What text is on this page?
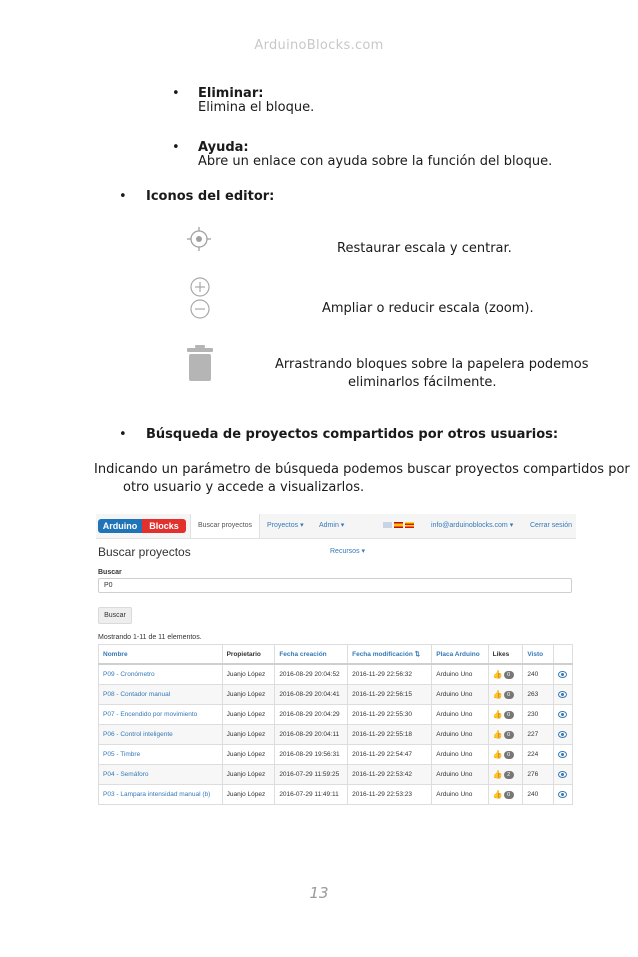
ArduinoBlocks.com
• Eliminar:
Elimina el bloque.
• Ayuda:
Abre un enlace con ayuda sobre la función del bloque.
• Iconos del editor:
Restaurar escala y centrar.
Ampliar o reducir escala (zoom).
Arrastrando bloques sobre la papelera podemos
eliminarlos fácilmente.
• Búsqueda de proyectos compartidos por otros usuarios:
Indicando un parámetro de búsqueda podemos buscar proyectos compartidos por
otro usuario y accede a visualizarlos.
Arduino	Blocks	Buscar proyectos	Proyectos ▾ Admin ▾	info@arduinoblocks.com ▾ Cerrar sesión
Buscar proyectos	Recursos ▾
Buscar
P0
Buscar
Mostrando 1-11 de 11 elementos.
Nombre	Propietario	Fecha creación	Fecha modificación ⇅	Placa Arduino	Likes	Visto	
P09 - Cronómetro	Juanjo López	2016-08-29 20:04:52	2016-11-29 22:56:32	Arduino Uno	👍 0	240	
P08 - Contador manual	Juanjo López	2016-08-29 20:04:41	2016-11-29 22:56:15	Arduino Uno	👍 0	263	
P07 - Encendido por movimiento	Juanjo López	2016-08-29 20:04:29	2016-11-29 22:55:30	Arduino Uno	👍 0	230	
P06 - Control inteligente	Juanjo López	2016-08-29 20:04:11	2016-11-29 22:55:18	Arduino Uno	👍 0	227	
P05 - Timbre	Juanjo López	2016-08-29 19:56:31	2016-11-29 22:54:47	Arduino Uno	👍 0	224	
P04 - Semáforo	Juanjo López	2016-07-29 11:59:25	2016-11-29 22:53:42	Arduino Uno	👍 2	276	
P03 - Lampara intensidad manual (b)	Juanjo López	2016-07-29 11:49:11	2016-11-29 22:53:23	Arduino Uno	👍 0	240	
13
